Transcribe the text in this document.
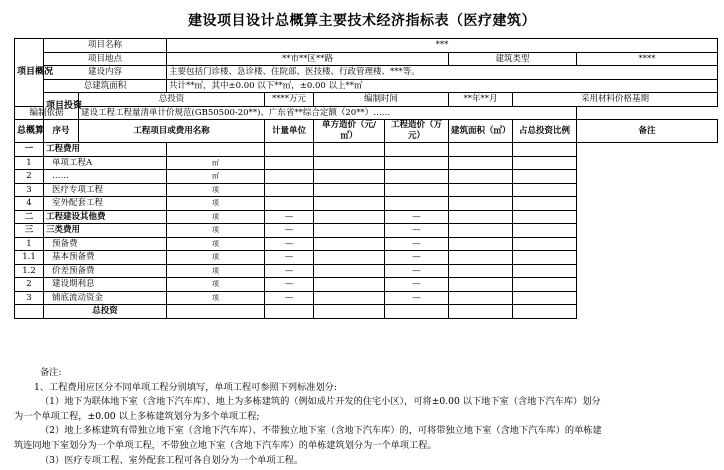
建设项目设计总概算主要技术经济指标表（医疗建筑）
项目概况	项目名称		***							
	项目地点		**市**区**路				建筑类型		****	
	建设内容		主要包括门诊楼、急诊楼、住院部、医技楼、行政管理楼、***等。							
	总建筑面积		共计**㎡，其中±0.00 以下**㎡，±0.00 以上**㎡							
	项目投资	总投资		****万元	编制时间		**年**月	采用材料价格基期	
编制依据		建设工程工程量清单计价规范(GB50500-20**)、广东省**综合定额（20**）……								
总概算	序号	工程项目或费用名称		计量单位	单方造价（元/㎡）	工程造价（万元）	建筑面积（㎡）	占总投资比例	备注	
一	工程费用									
1	单项工程A		㎡							
2	……		㎡							
3	医疗专项工程		项							
4	室外配套工程		项							
二	工程建设其他费		项	—		—				
三	三类费用		项	—		—				
1	预备费		项	—		—				
1.1	基本预备费		项	—		—				
1.2	价差预备费		项	—		—				
2	建设期利息		项	—		—				
3	铺底流动资金		项	—		—				
	总投资									
备注:
1、工程费用应区分不同单项工程分别填写，单项工程可参照下列标准划分:
（1）地下为联体地下室（含地下汽车库）、地上为多栋建筑的（例如成片开发的住宅小区），可将±0.00 以下地下室（含地下汽车库）划分
为一个单项工程，±0.00 以上多栋建筑划分为多个单项工程;
（2）地上多栋建筑有带独立地下室（含地下汽车库）、不带独立地下室（含地下汽车库）的，可将带独立地下室（含地下汽车库）的单栋建
筑连同地下室划分为一个单项工程，不带独立地下室（含地下汽车库）的单栋建筑划分为一个单项工程。
（3）医疗专项工程、室外配套工程可各自划分为一个单项工程。
